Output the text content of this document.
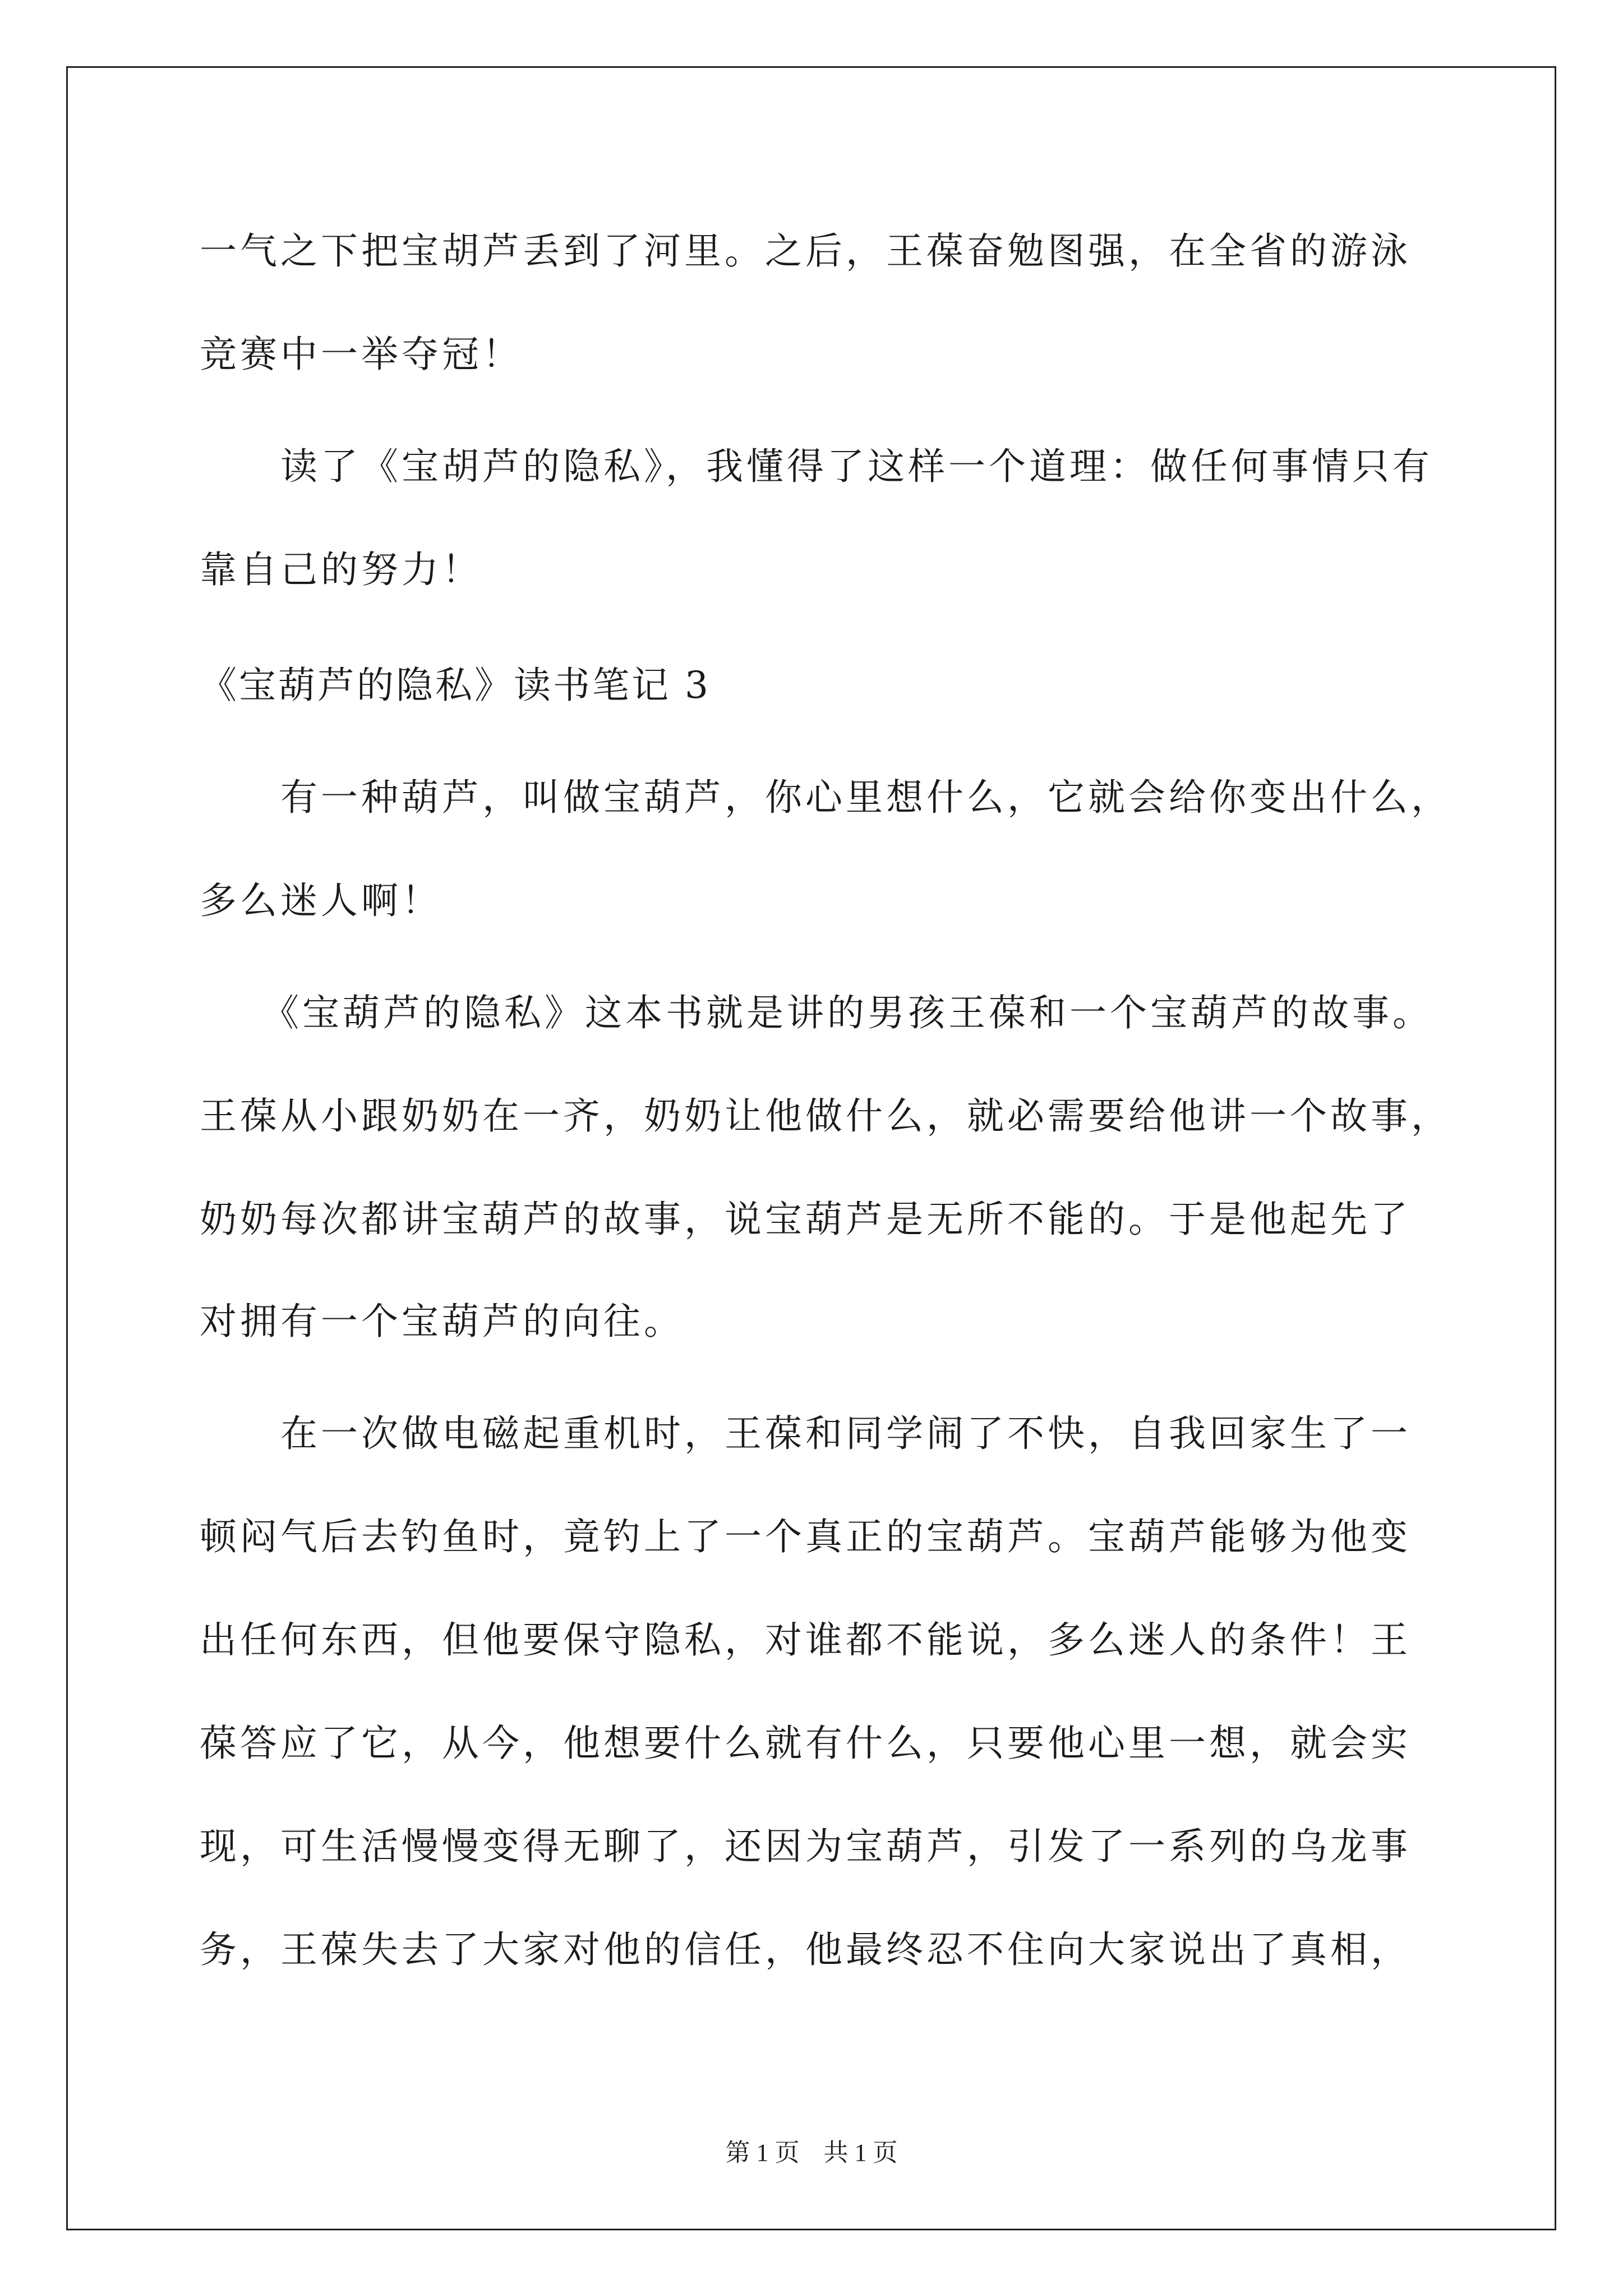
一气之下把宝胡芦丢到了河里。之后，王葆奋勉图强，在全省的游泳
竞赛中一举夺冠！
　　读了《宝胡芦的隐私》，我懂得了这样一个道理：做任何事情只有
靠自己的努力！
《宝葫芦的隐私》读书笔记 3
　　有一种葫芦，叫做宝葫芦，你心里想什么，它就会给你变出什么，
多么迷人啊！
　　《宝葫芦的隐私》这本书就是讲的男孩王葆和一个宝葫芦的故事。
王葆从小跟奶奶在一齐，奶奶让他做什么，就必需要给他讲一个故事，
奶奶每次都讲宝葫芦的故事，说宝葫芦是无所不能的。于是他起先了
对拥有一个宝葫芦的向往。
　　在一次做电磁起重机时，王葆和同学闹了不快，自我回家生了一
顿闷气后去钓鱼时，竟钓上了一个真正的宝葫芦。宝葫芦能够为他变
出任何东西，但他要保守隐私，对谁都不能说，多么迷人的条件！王
葆答应了它，从今，他想要什么就有什么，只要他心里一想，就会实
现，可生活慢慢变得无聊了，还因为宝葫芦，引发了一系列的乌龙事
务，王葆失去了大家对他的信任，他最终忍不住向大家说出了真相，
第 1 页 共 1 页
